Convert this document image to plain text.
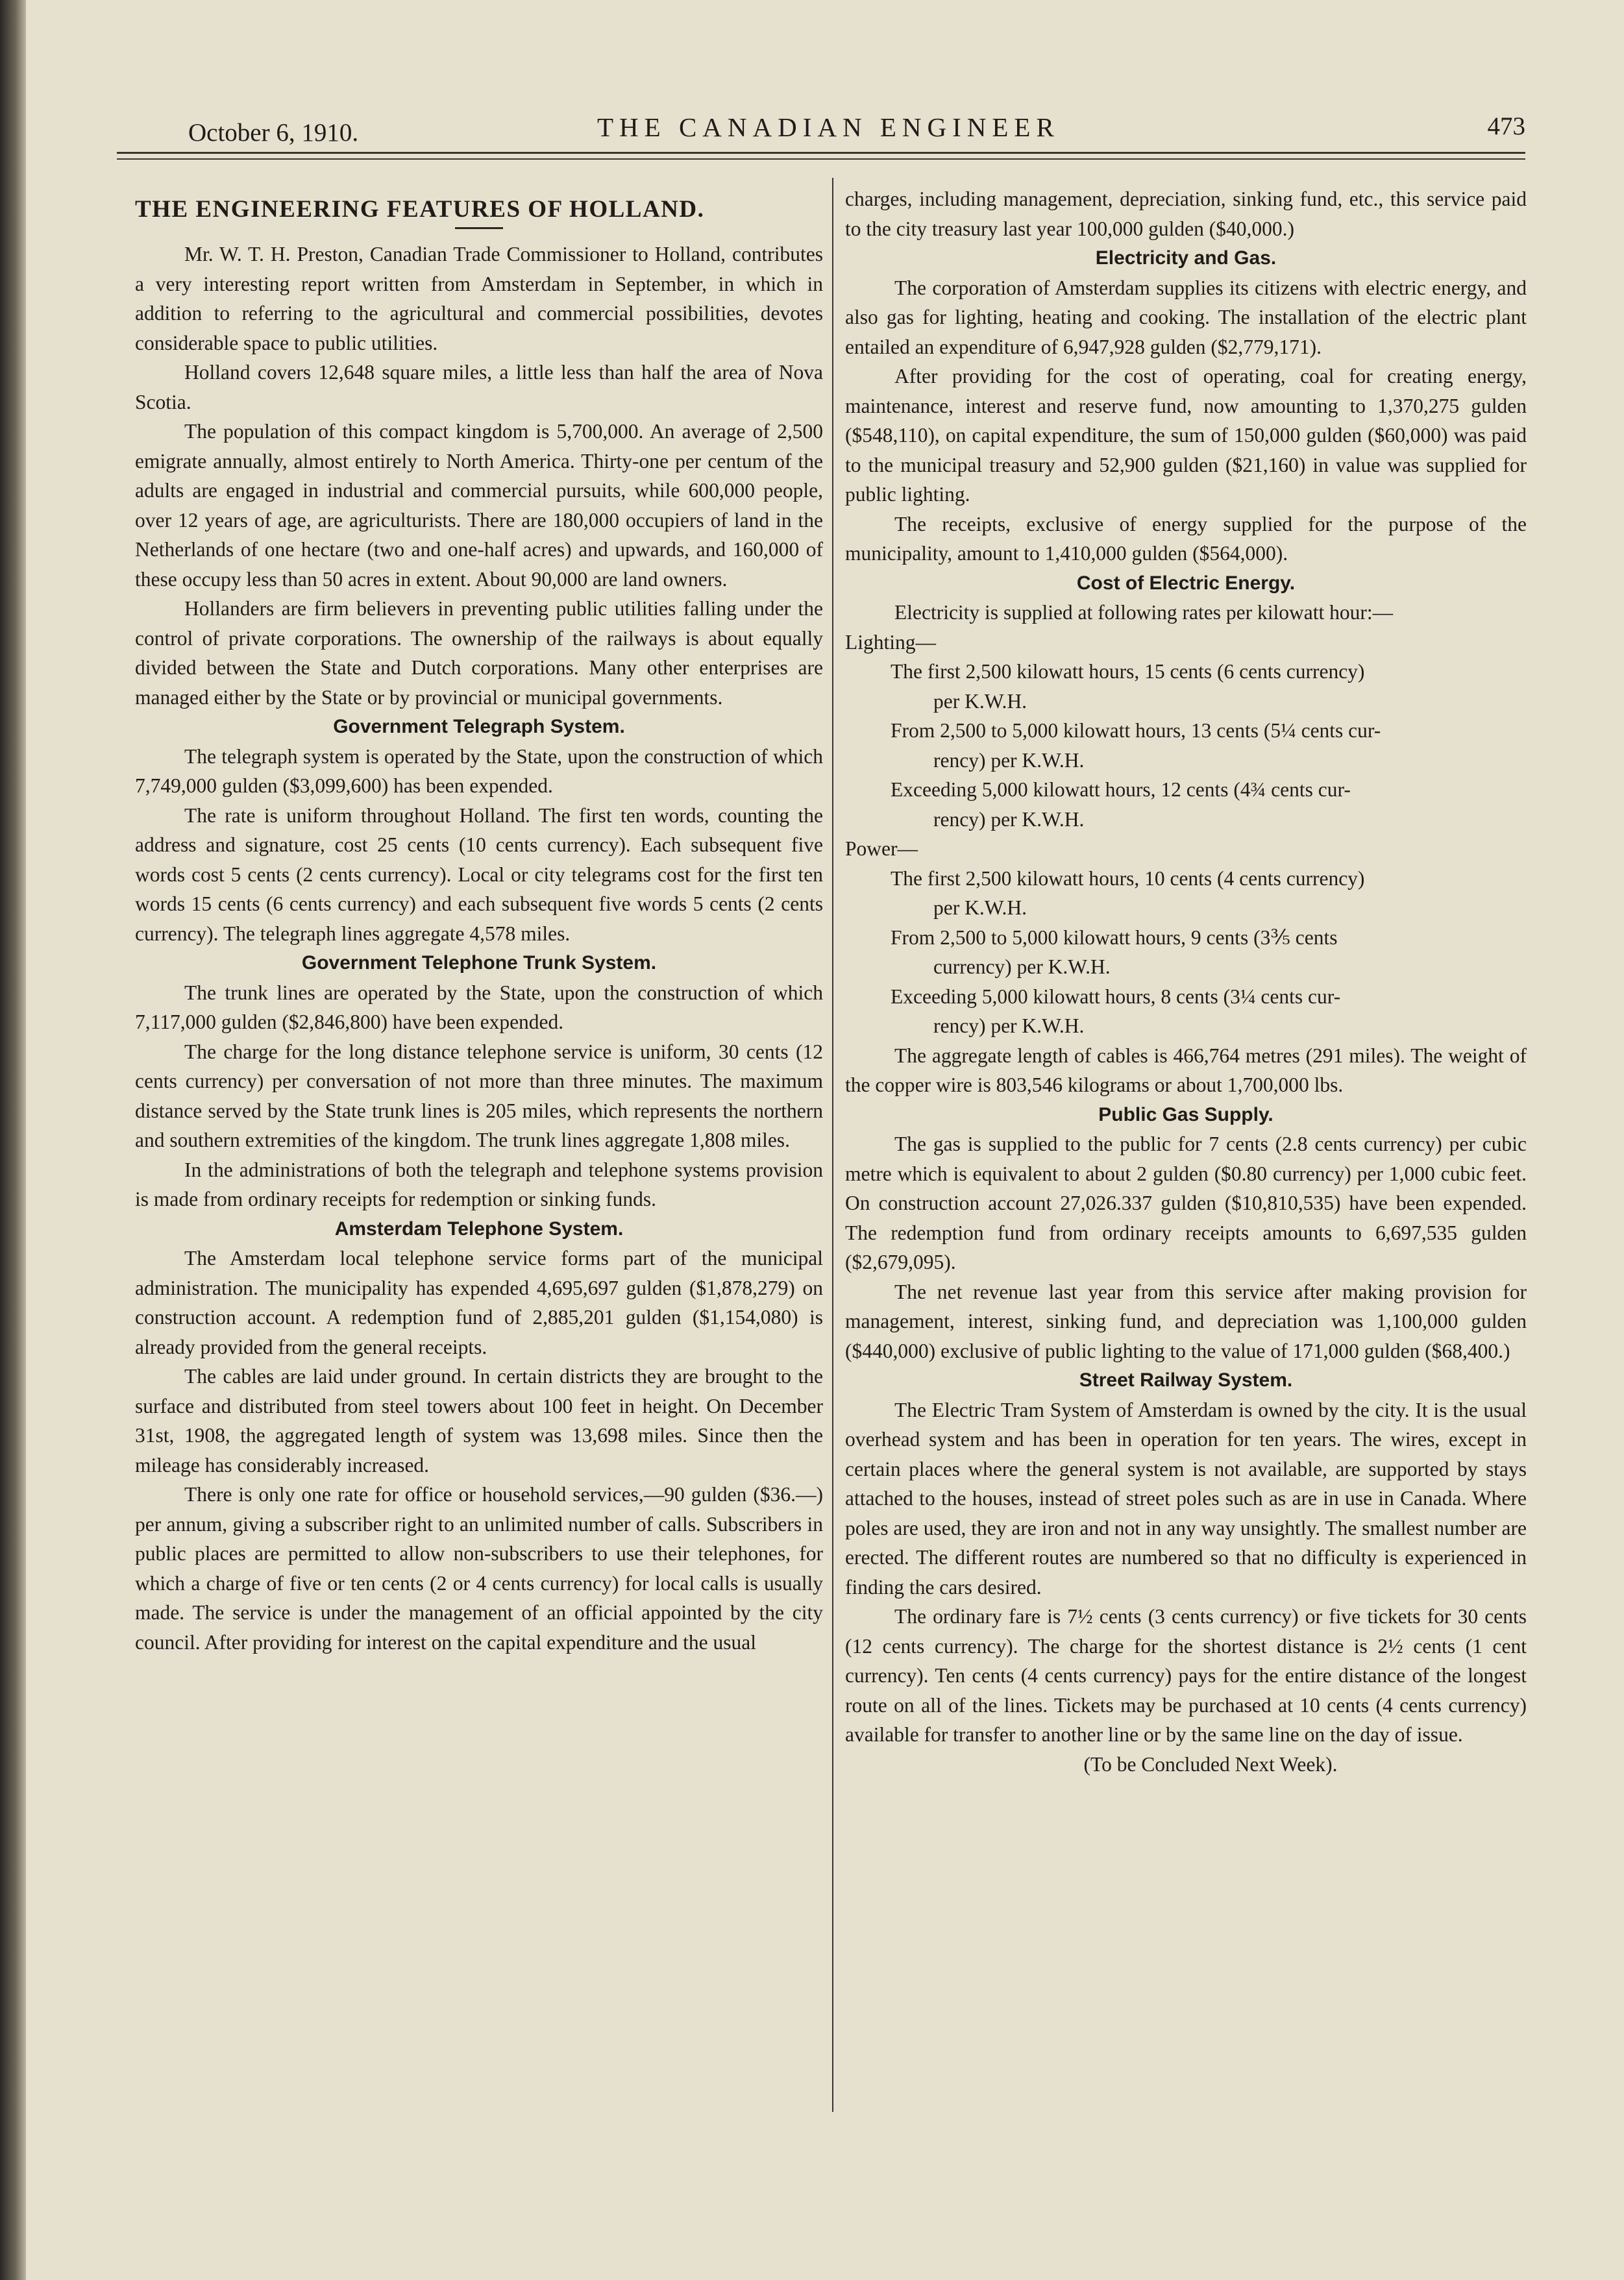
October 6, 1910.	THE CANADIAN ENGINEER	473
THE ENGINEERING FEATURES OF HOLLAND.

Mr. W. T. H. Preston, Canadian Trade Commissioner to Holland, contributes a very interesting report written from Amsterdam in September, in which in addition to referring to the agricultural and commercial possibilities, devotes considerable space to public utilities.

Holland covers 12,648 square miles, a little less than half the area of Nova Scotia.

The population of this compact kingdom is 5,700,000. An average of 2,500 emigrate annually, almost entirely to North America. Thirty-one per centum of the adults are engaged in industrial and commercial pursuits, while 600,000 people, over 12 years of age, are agriculturists. There are 180,000 occupiers of land in the Netherlands of one hectare (two and one-half acres) and upwards, and 160,000 of these occupy less than 50 acres in extent. About 90,000 are land owners.

Hollanders are firm believers in preventing public utilities falling under the control of private corporations. The ownership of the railways is about equally divided between the State and Dutch corporations. Many other enterprises are managed either by the State or by provincial or municipal governments.

Government Telegraph System.

The telegraph system is operated by the State, upon the construction of which 7,749,000 gulden ($3,099,600) has been expended.

The rate is uniform throughout Holland. The first ten words, counting the address and signature, cost 25 cents (10 cents currency). Each subsequent five words cost 5 cents (2 cents currency). Local or city telegrams cost for the first ten words 15 cents (6 cents currency) and each subsequent five words 5 cents (2 cents currency). The telegraph lines aggregate 4,578 miles.

Government Telephone Trunk System.

The trunk lines are operated by the State, upon the construction of which 7,117,000 gulden ($2,846,800) have been expended.

The charge for the long distance telephone service is uniform, 30 cents (12 cents currency) per conversation of not more than three minutes. The maximum distance served by the State trunk lines is 205 miles, which represents the northern and southern extremities of the kingdom. The trunk lines aggregate 1,808 miles.

In the administrations of both the telegraph and telephone systems provision is made from ordinary receipts for redemption or sinking funds.

Amsterdam Telephone System.

The Amsterdam local telephone service forms part of the municipal administration. The municipality has expended 4,695,697 gulden ($1,878,279) on construction account. A redemption fund of 2,885,201 gulden ($1,154,080) is already provided from the general receipts.

The cables are laid under ground. In certain districts they are brought to the surface and distributed from steel towers about 100 feet in height. On December 31st, 1908, the aggregated length of system was 13,698 miles. Since then the mileage has considerably increased.

There is only one rate for office or household services,—90 gulden ($36.—) per annum, giving a subscriber right to an unlimited number of calls. Subscribers in public places are permitted to allow non-subscribers to use their telephones, for which a charge of five or ten cents (2 or 4 cents currency) for local calls is usually made. The service is under the management of an official appointed by the city council. After providing for interest on the capital expenditure and the usual

charges, including management, depreciation, sinking fund, etc., this service paid to the city treasury last year 100,000 gulden ($40,000.)

Electricity and Gas.

The corporation of Amsterdam supplies its citizens with electric energy, and also gas for lighting, heating and cooking. The installation of the electric plant entailed an expenditure of 6,947,928 gulden ($2,779,171).

After providing for the cost of operating, coal for creating energy, maintenance, interest and reserve fund, now amounting to 1,370,275 gulden ($548,110), on capital expenditure, the sum of 150,000 gulden ($60,000) was paid to the municipal treasury and 52,900 gulden ($21,160) in value was supplied for public lighting.

The receipts, exclusive of energy supplied for the purpose of the municipality, amount to 1,410,000 gulden ($564,000).

Cost of Electric Energy.

Electricity is supplied at following rates per kilowatt hour:—

Lighting—

The first 2,500 kilowatt hours, 15 cents (6 cents currency)
per K.W.H.

From 2,500 to 5,000 kilowatt hours, 13 cents (5¼ cents cur-
rency) per K.W.H.

Exceeding 5,000 kilowatt hours, 12 cents (4¾ cents cur-
rency) per K.W.H.

Power—

The first 2,500 kilowatt hours, 10 cents (4 cents currency)
per K.W.H.

From 2,500 to 5,000 kilowatt hours, 9 cents (3⅗ cents
currency) per K.W.H.

Exceeding 5,000 kilowatt hours, 8 cents (3¼ cents cur-
rency) per K.W.H.

The aggregate length of cables is 466,764 metres (291 miles). The weight of the copper wire is 803,546 kilograms or about 1,700,000 lbs.

Public Gas Supply.

The gas is supplied to the public for 7 cents (2.8 cents currency) per cubic metre which is equivalent to about 2 gulden ($0.80 currency) per 1,000 cubic feet. On construction account 27,026.337 gulden ($10,810,535) have been expended. The redemption fund from ordinary receipts amounts to 6,697,535 gulden ($2,679,095).

The net revenue last year from this service after making provision for management, interest, sinking fund, and depreciation was 1,100,000 gulden ($440,000) exclusive of public lighting to the value of 171,000 gulden ($68,400.)

Street Railway System.

The Electric Tram System of Amsterdam is owned by the city. It is the usual overhead system and has been in operation for ten years. The wires, except in certain places where the general system is not available, are supported by stays attached to the houses, instead of street poles such as are in use in Canada. Where poles are used, they are iron and not in any way unsightly. The smallest number are erected. The different routes are numbered so that no difficulty is experienced in finding the cars desired.

The ordinary fare is 7½ cents (3 cents currency) or five tickets for 30 cents (12 cents currency). The charge for the shortest distance is 2½ cents (1 cent currency). Ten cents (4 cents currency) pays for the entire distance of the longest route on all of the lines. Tickets may be purchased at 10 cents (4 cents currency) available for transfer to another line or by the same line on the day of issue.

(To be Concluded Next Week).
